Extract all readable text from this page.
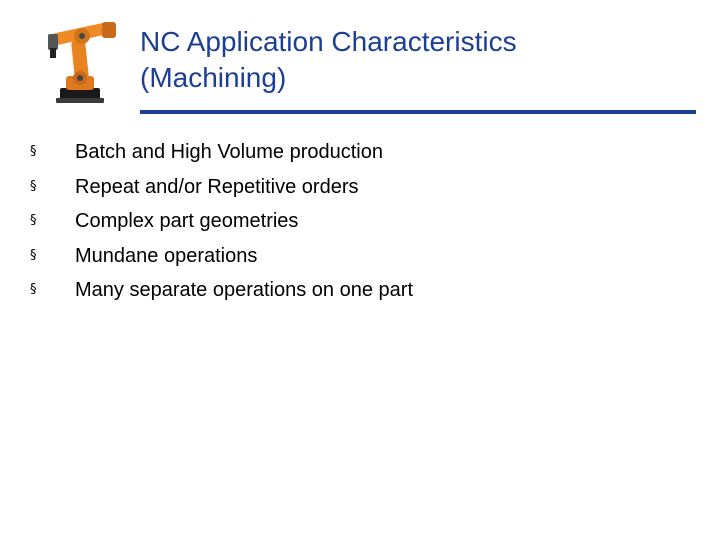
NC Application Characteristics
(Machining)
§	Batch and High Volume production
§	Repeat and/or Repetitive orders
§	Complex part geometries
§	Mundane operations
§	Many separate operations on one part
